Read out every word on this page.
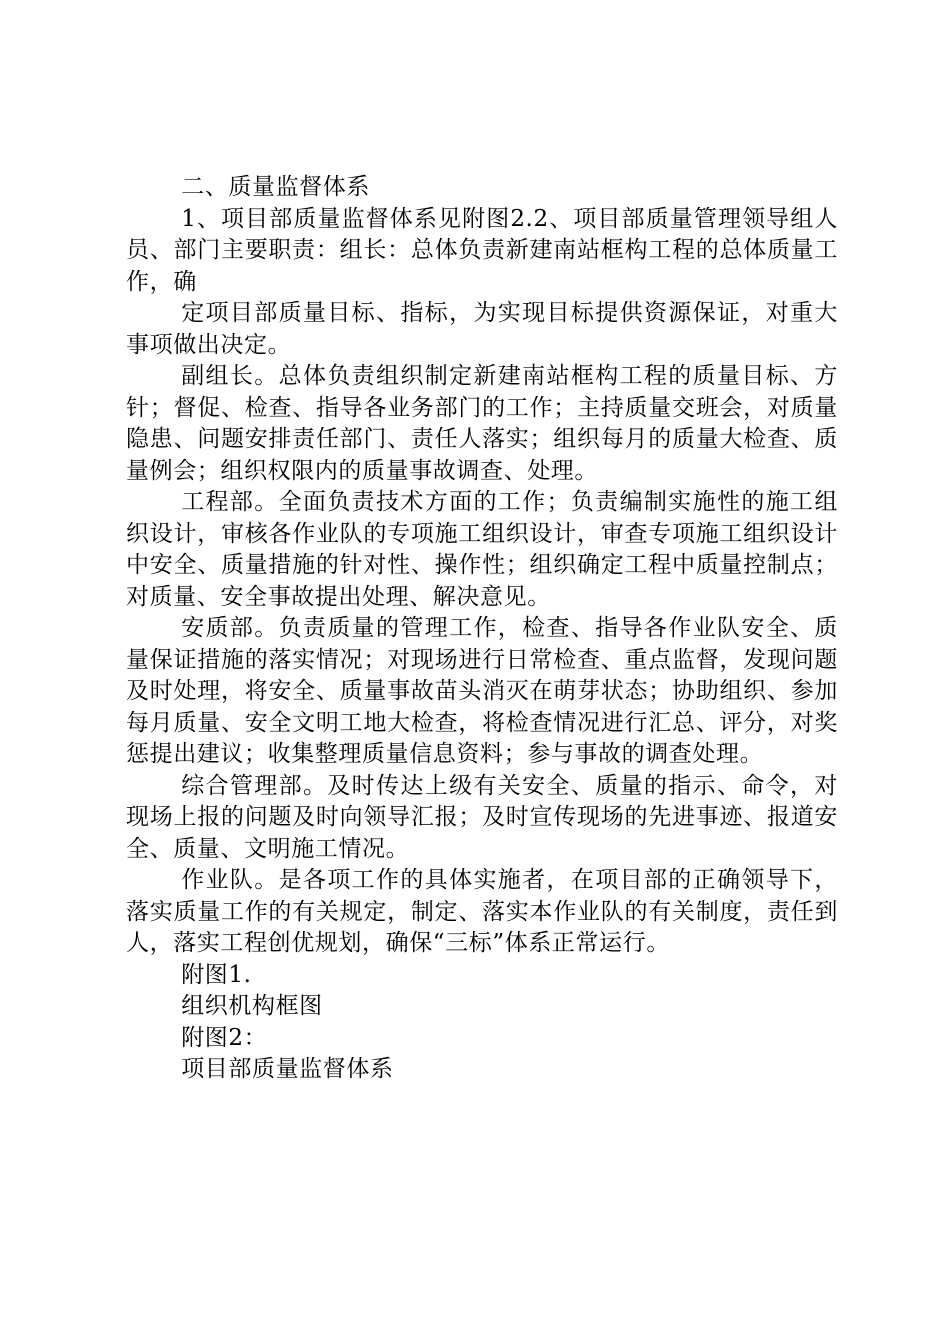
二、质量监督体系

1、项目部质量监督体系见附图2.2、项目部质量管理领导组人员、部门主要职责：组长：总体负责新建南站框构工程的总体质量工作，确

定项目部质量目标、指标，为实现目标提供资源保证，对重大事项做出决定。

副组长。总体负责组织制定新建南站框构工程的质量目标、方针；督促、检查、指导各业务部门的工作；主持质量交班会，对质量隐患、问题安排责任部门、责任人落实；组织每月的质量大检查、质量例会；组织权限内的质量事故调查、处理。

工程部。全面负责技术方面的工作；负责编制实施性的施工组织设计，审核各作业队的专项施工组织设计，审查专项施工组织设计中安全、质量措施的针对性、操作性；组织确定工程中质量控制点；对质量、安全事故提出处理、解决意见。

安质部。负责质量的管理工作，检查、指导各作业队安全、质量保证措施的落实情况；对现场进行日常检查、重点监督，发现问题及时处理，将安全、质量事故苗头消灭在萌芽状态；协助组织、参加每月质量、安全文明工地大检查，将检查情况进行汇总、评分，对奖惩提出建议；收集整理质量信息资料；参与事故的调查处理。

综合管理部。及时传达上级有关安全、质量的指示、命令，对现场上报的问题及时向领导汇报；及时宣传现场的先进事迹、报道安全、质量、文明施工情况。

作业队。是各项工作的具体实施者，在项目部的正确领导下，落实质量工作的有关规定，制定、落实本作业队的有关制度，责任到人，落实工程创优规划，确保“三标”体系正常运行。

附图1.

组织机构框图

附图2：

项目部质量监督体系
